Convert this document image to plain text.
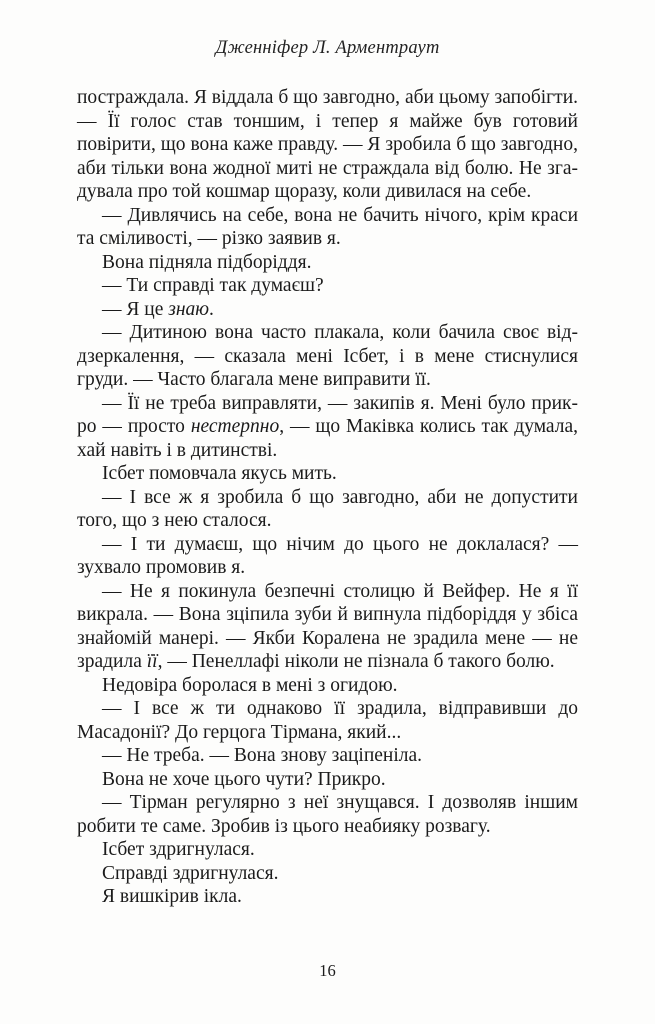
Дженніфер Л. Арментраут

постраждала. Я віддала б що завгодно, аби цьому запобігти. — Її голос став тоншим, і тепер я майже був готовий повірити, що вона каже правду. — Я зробила б що завгодно, аби тільки вона жодної миті не страждала від болю. Не згадувала про той кошмар щоразу, коли дивилася на себе.

— Дивлячись на себе, вона не бачить нічого, крім краси та сміливості, — різко заявив я.

Вона підняла підборіддя.

— Ти справді так думаєш?

— Я це знаю.

— Дитиною вона часто плакала, коли бачила своє віддзеркалення, — сказала мені Ісбет, і в мене стиснулися груди. — Часто благала мене виправити її.

— Її не треба виправляти, — закипів я. Мені було прикро — просто нестерпно, — що Маківка колись так думала, хай навіть і в дитинстві.

Ісбет помовчала якусь мить.

— І все ж я зробила б що завгодно, аби не допустити того, що з нею сталося.

— І ти думаєш, що нічим до цього не доклалася? — зухвало промовив я.

— Не я покинула безпечні столицю й Вейфер. Не я її викрала. — Вона зціпила зуби й випнула підборіддя у збіса знайомій манері. — Якби Коралена не зрадила мене — не зрадила її, — Пенеллафі ніколи не пізнала б такого болю.

Недовіра боролася в мені з огидою.

— І все ж ти однаково її зрадила, відправивши до Масадонії? До герцога Тірмана, який...

— Не треба. — Вона знову заціпеніла.

Вона не хоче цього чути? Прикро.

— Тірман регулярно з неї знущався. І дозволяв іншим робити те саме. Зробив із цього неабияку розвагу.

Ісбет здригнулася.

Справді здригнулася.

Я вишкірив ікла.

16
